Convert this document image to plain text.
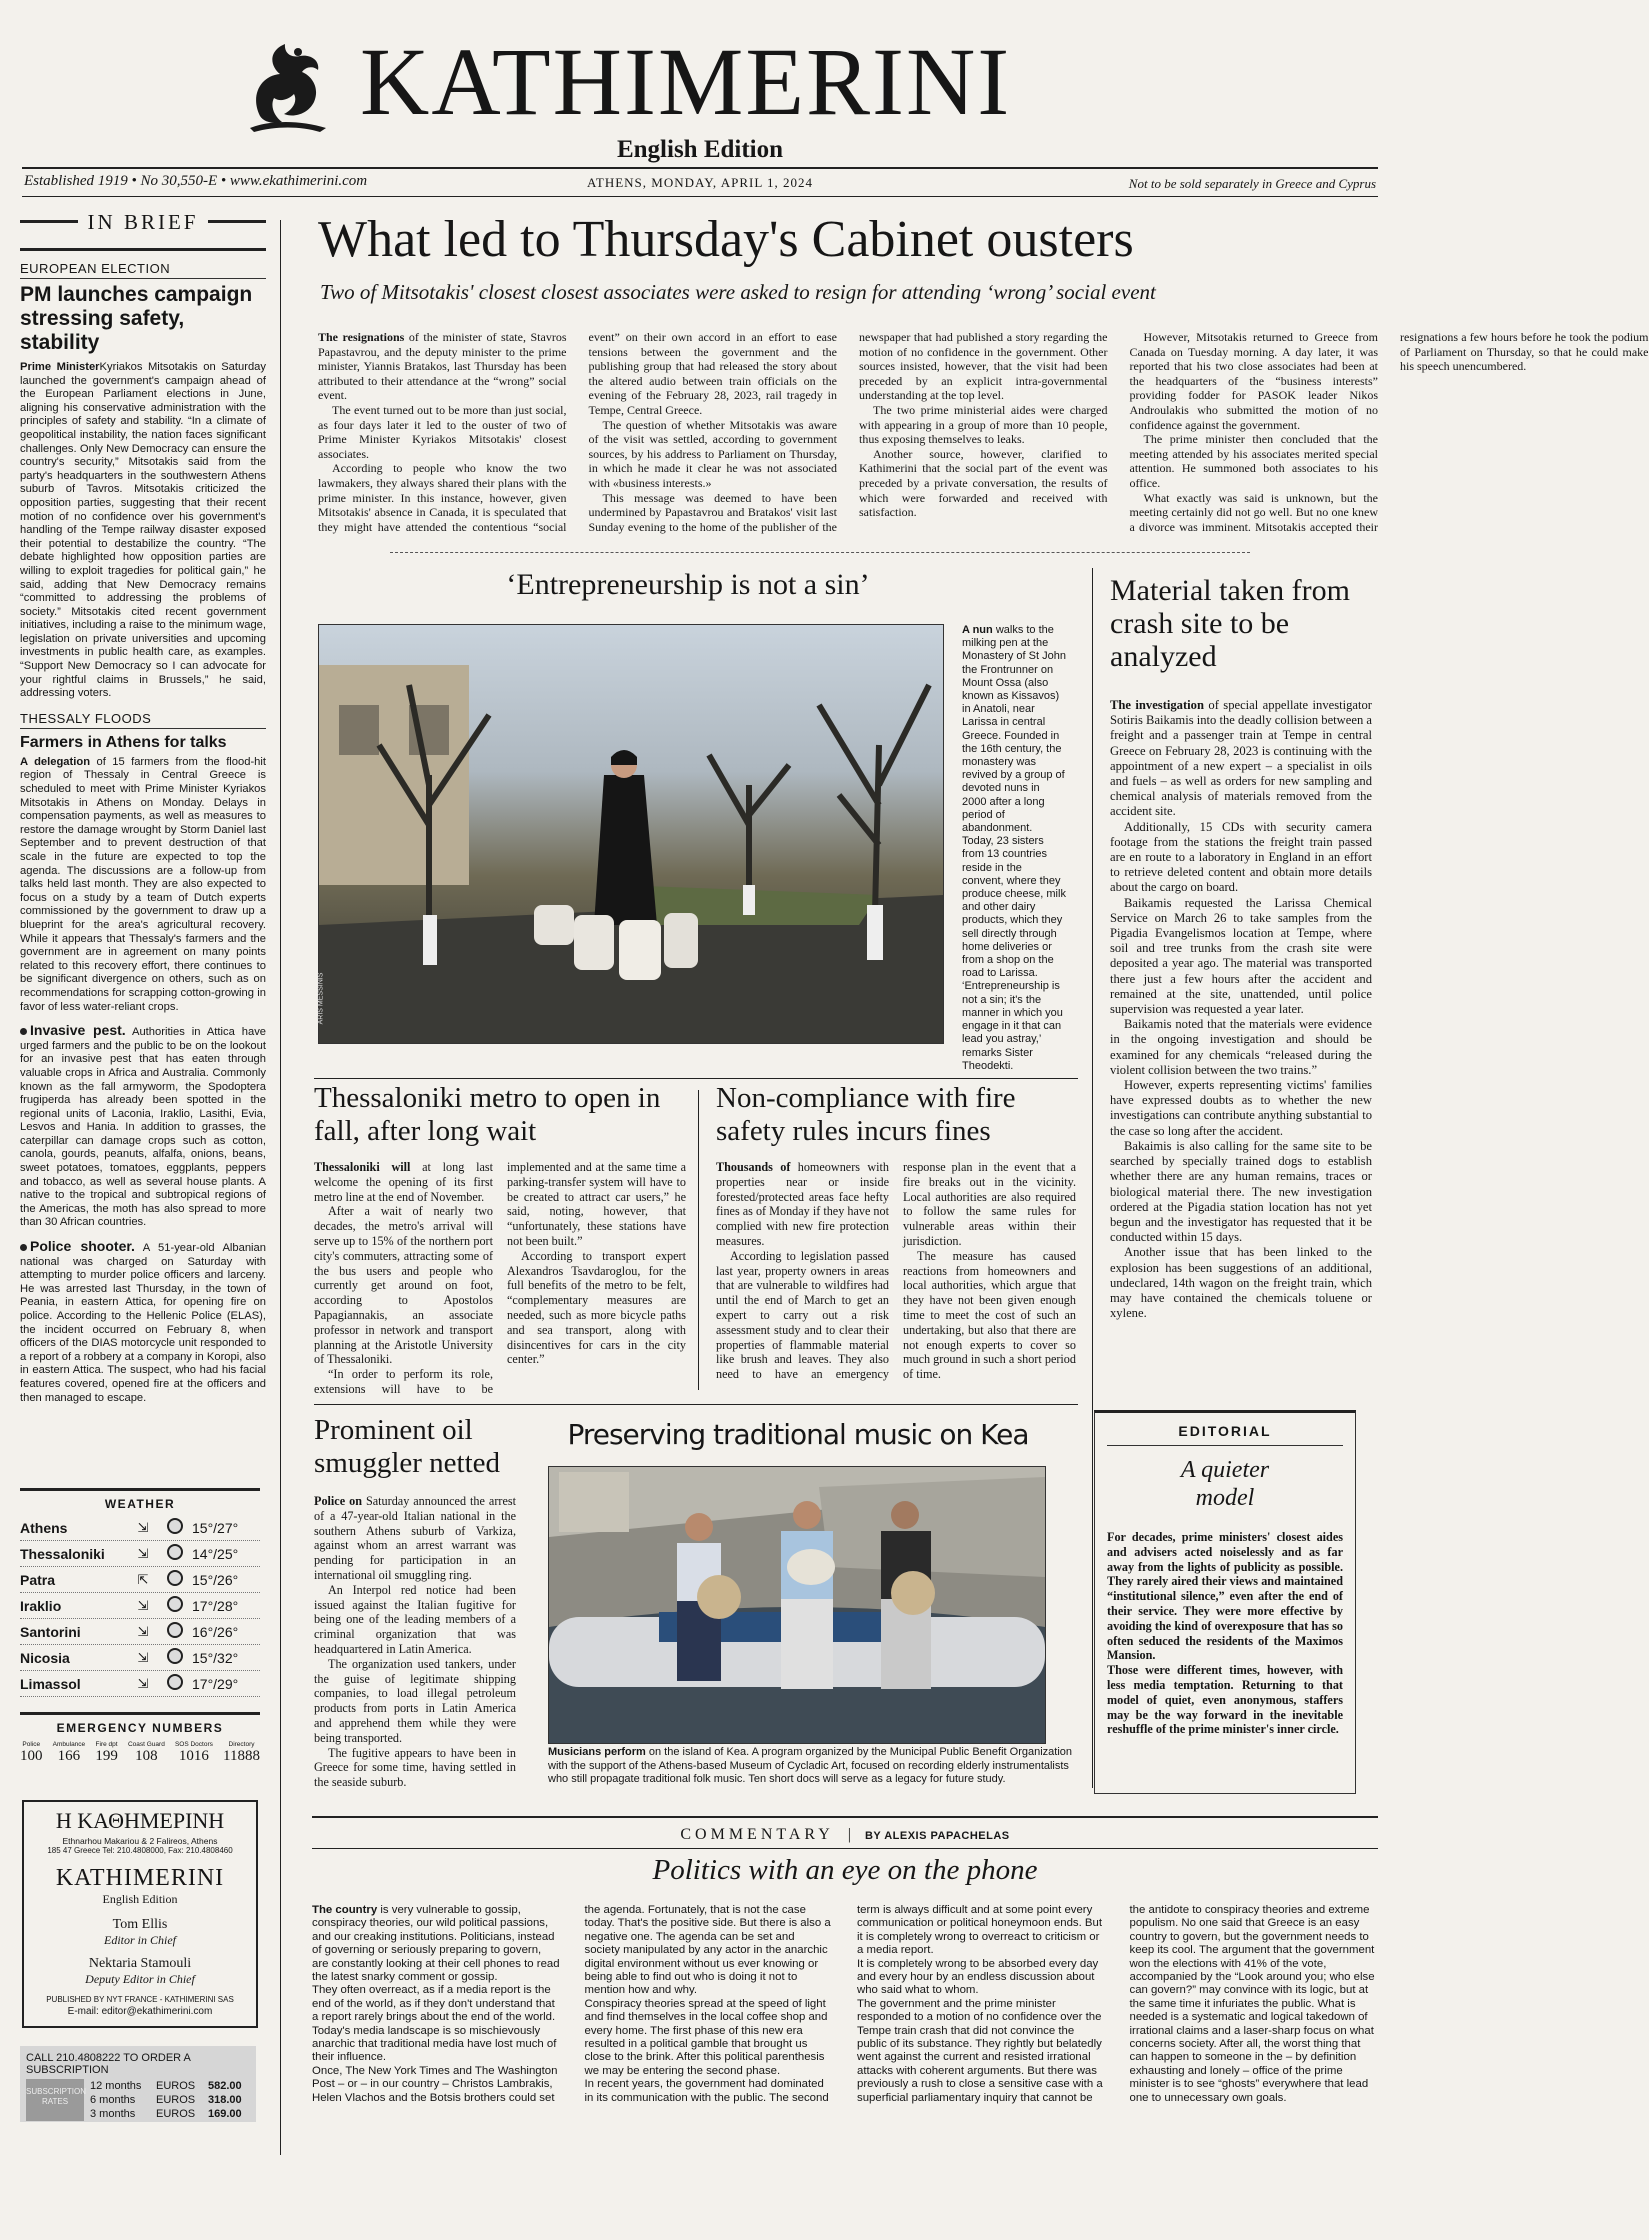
KATHIMERINI
English Edition
Established 1919 • No 30,550-E • www.ekathimerini.com	ATHENS, MONDAY, APRIL 1, 2024	Not to be sold separately in Greece and Cyprus
IN BRIEF
EUROPEAN ELECTION
PM launches campaign stressing safety, stability
Prime MinisterKyriakos Mitsotakis on Saturday launched the government's campaign ahead of the European Parliament elections in June, aligning his conservative administration with the principles of safety and stability. “In a climate of geopolitical instability, the nation faces significant challenges. Only New Democracy can ensure the country's security,” Mitsotakis said from the party's headquarters in the southwestern Athens suburb of Tavros. Mitsotakis criticized the opposition parties, suggesting that their recent motion of no confidence over his government's handling of the Tempe railway disaster exposed their potential to destabilize the country. “The debate highlighted how opposition parties are willing to exploit tragedies for political gain,” he said, adding that New Democracy remains “committed to addressing the problems of society.” Mitsotakis cited recent government initiatives, including a raise to the minimum wage, legislation on private universities and upcoming investments in public health care, as examples. “Support New Democracy so I can advocate for your rightful claims in Brussels,” he said, addressing voters.
THESSALY FLOODS
Farmers in Athens for talks
A delegation of 15 farmers from the flood-hit region of Thessaly in Central Greece is scheduled to meet with Prime Minister Kyriakos Mitsotakis in Athens on Monday. Delays in compensation payments, as well as measures to restore the damage wrought by Storm Daniel last September and to prevent destruction of that scale in the future are expected to top the agenda. The discussions are a follow-up from talks held last month. They are also expected to focus on a study by a team of Dutch experts commissioned by the government to draw up a blueprint for the area's agricultural recovery. While it appears that Thessaly's farmers and the government are in agreement on many points related to this recovery effort, there continues to be significant divergence on others, such as on recommendations for scrapping cotton-growing in favor of less water-reliant crops.
Invasive pest. Authorities in Attica have urged farmers and the public to be on the lookout for an invasive pest that has eaten through valuable crops in Africa and Australia. Commonly known as the fall armyworm, the Spodoptera frugiperda has already been spotted in the regional units of Laconia, Iraklio, Lasithi, Evia, Lesvos and Hania. In addition to grasses, the caterpillar can damage crops such as cotton, canola, gourds, peanuts, alfalfa, onions, beans, sweet potatoes, tomatoes, eggplants, peppers and tobacco, as well as several house plants. A native to the tropical and subtropical regions of the Americas, the moth has also spread to more than 30 African countries.
Police shooter. A 51-year-old Albanian national was charged on Saturday with attempting to murder police officers and larceny. He was arrested last Thursday, in the town of Peania, in eastern Attica, for opening fire on police. According to the Hellenic Police (ELAS), the incident occurred on February 8, when officers of the DIAS motorcycle unit responded to a report of a robbery at a company in Koropi, also in eastern Attica. The suspect, who had his facial features covered, opened fire at the officers and then managed to escape.
WEATHER
Athens	⇲	15°/27°
Thessaloniki	⇲	14°/25°
Patra	⇱	15°/26°
Iraklio	⇲	17°/28°
Santorini	⇲	16°/26°
Nicosia	⇲	15°/32°
Limassol	⇲	17°/29°
EMERGENCY NUMBERS
Police
100
Ambulance
166
Fire dpt
199
Coast Guard
108
SOS Doctors
1016
Directory
11888
Η ΚΑΘΗΜΕΡΙΝΗ
Ethnarhou Makariou & 2 Falireos, Athens
185 47 Greece Tel: 210.4808000, Fax: 210.4808460
KATHIMERINI
English Edition
Tom Ellis
Editor in Chief
Nektaria Stamouli
Deputy Editor in Chief
PUBLISHED BY NYT FRANCE - KATHIMERINI SAS
E-mail: editor@ekathimerini.com
CALL 210.4808222 TO ORDER A SUBSCRIPTION
SUBSCRIPTION RATES
12 months	EUROS	582.00
6 months	EUROS	318.00
3 months	EUROS	169.00
What led to Thursday's Cabinet ousters
Two of Mitsotakis' closest closest associates were asked to resign for attending ‘wrong’ social event

The resignations of the minister of state, Stavros Papastavrou, and the deputy minister to the prime minister, Yiannis Bratakos, last Thursday has been attributed to their attendance at the “wrong” social event.

The event turned out to be more than just social, as four days later it led to the ouster of two of Prime Minister Kyriakos Mitsotakis' closest associates.

According to people who know the two lawmakers, they always shared their plans with the prime minister. In this instance, however, given Mitsotakis' absence in Canada, it is speculated that they might have attended the contentious “social event” on their own accord in an effort to ease tensions between the government and the publishing group that had released the story about the altered audio between train officials on the evening of the February 28, 2023, rail tragedy in Tempe, Central Greece.

The question of whether Mitsotakis was aware of the visit was settled, according to government sources, by his address to Parliament on Thursday, in which he made it clear he was not associated with «business interests.»

This message was deemed to have been undermined by Papastavrou and Bratakos' visit last Sunday evening to the home of the publisher of the newspaper that had published a story regarding the motion of no confidence in the government. Other sources insisted, however, that the visit had been preceded by an explicit intra-governmental understanding at the top level.

The two prime ministerial aides were charged with appearing in a group of more than 10 people, thus exposing themselves to leaks.

Another source, however, clarified to Kathimerini that the social part of the event was preceded by a private conversation, the results of which were forwarded and received with satisfaction.

However, Mitsotakis returned to Greece from Canada on Tuesday morning. A day later, it was reported that his two close associates had been at the headquarters of the “business interests” providing fodder for PASOK leader Nikos Androulakis who submitted the motion of no confidence against the government.

The prime minister then concluded that the meeting attended by his associates merited special attention. He summoned both associates to his office.

What exactly was said is unknown, but the meeting certainly did not go well. But no one knew a divorce was imminent. Mitsotakis accepted their resignations a few hours before he took the podium of Parliament on Thursday, so that he could make his speech unencumbered.

‘Entrepreneurship is not a sin’
ARIS MESSINIS
A nun walks to the milking pen at the Monastery of St John the Frontrunner on Mount Ossa (also known as Kissavos) in Anatoli, near Larissa in central Greece. Founded in the 16th century, the monastery was revived by a group of devoted nuns in 2000 after a long period of abandonment. Today, 23 sisters from 13 countries reside in the convent, where they produce cheese, milk and other dairy products, which they sell directly through home deliveries or from a shop on the road to Larissa. ‘Entrepreneurship is not a sin; it's the manner in which you engage in it that can lead you astray,’ remarks Sister Theodekti.
Material taken from crash site to be analyzed

The investigation of special appellate investigator Sotiris Baikamis into the deadly collision between a freight and a passenger train at Tempe in central Greece on February 28, 2023 is continuing with the appointment of a new expert – a specialist in oils and fuels – as well as orders for new sampling and chemical analysis of materials removed from the accident site.

Additionally, 15 CDs with security camera footage from the stations the freight train passed are en route to a laboratory in England in an effort to retrieve deleted content and obtain more details about the cargo on board.

Baikamis requested the Larissa Chemical Service on March 26 to take samples from the Pigadia Evangelismos location at Tempe, where soil and tree trunks from the crash site were deposited a year ago. The material was transported there just a few hours after the accident and remained at the site, unattended, until police supervision was requested a year later.

Baikamis noted that the materials were evidence in the ongoing investigation and should be examined for any chemicals “released during the violent collision between the two trains.”

However, experts representing victims' families have expressed doubts as to whether the new investigations can contribute anything substantial to the case so long after the accident.

Bakaimis is also calling for the same site to be searched by specially trained dogs to establish whether there are any human remains, traces or biological material there. The new investigation ordered at the Pigadia station location has not yet begun and the investigator has requested that it be conducted within 15 days.

Another issue that has been linked to the explosion has been suggestions of an additional, undeclared, 14th wagon on the freight train, which may have contained the chemicals toluene or xylene.

Thessaloniki metro to open in fall, after long wait

Thessaloniki will at long last welcome the opening of its first metro line at the end of November.

After a wait of nearly two decades, the metro's arrival will serve up to 15% of the northern port city's commuters, attracting some of the bus users and people who currently get around on foot, according to Apostolos Papagiannakis, an associate professor in network and transport planning at the Aristotle University of Thessaloniki.

“In order to perform its role, extensions will have to be implemented and at the same time a parking-transfer system will have to be created to attract car users,” he said, noting, however, that “unfortunately, these stations have not been built.”

According to transport expert Alexandros Tsavdaroglou, for the full benefits of the metro to be felt, “complementary measures are needed, such as more bicycle paths and sea transport, along with disincentives for cars in the city center.”

Non-compliance with fire safety rules incurs fines

Thousands of homeowners with properties near or inside forested/protected areas face hefty fines as of Monday if they have not complied with new fire protection measures.

According to legislation passed last year, property owners in areas that are vulnerable to wildfires had until the end of March to get an expert to carry out a risk assessment study and to clear their properties of flammable material like brush and leaves. They also need to have an emergency response plan in the event that a fire breaks out in the vicinity. Local authorities are also required to follow the same rules for vulnerable areas within their jurisdiction.

The measure has caused reactions from homeowners and local authorities, which argue that they have not been given enough time to meet the cost of such an undertaking, but also that there are not enough experts to cover so much ground in such a short period of time.

Prominent oil smuggler netted

Police on Saturday announced the arrest of a 47-year-old Italian national in the southern Athens suburb of Varkiza, against whom an arrest warrant was pending for participation in an international oil smuggling ring.

An Interpol red notice had been issued against the Italian fugitive for being one of the leading members of a criminal organization that was headquartered in Latin America.

The organization used tankers, under the guise of legitimate shipping companies, to load illegal petroleum products from ports in Latin America and apprehend them while they were being transported.

The fugitive appears to have been in Greece for some time, having settled in the seaside suburb.

Preserving traditional music on Kea
Musicians perform on the island of Kea. A program organized by the Municipal Public Benefit Organization with the support of the Athens-based Museum of Cycladic Art, focused on recording elderly instrumentalists who still propagate traditional folk music. Ten short docs will serve as a legacy for future study.
EDITORIAL
A quieter model

For decades, prime ministers' closest aides and advisers acted noiselessly and as far away from the lights of publicity as possible. They rarely aired their views and maintained “institutional silence,” even after the end of their service. They were more effective by avoiding the kind of overexposure that has so often seduced the residents of the Maximos Mansion.

Those were different times, however, with less media temptation. Returning to that model of quiet, even anonymous, staffers may be the way forward in the inevitable reshuffle of the prime minister's inner circle.

COMMENTARY | BY ALEXIS PAPACHELAS
Politics with an eye on the phone

The country is very vulnerable to gossip, conspiracy theories, our wild political passions, and our creaking institutions. Politicians, instead of governing or seriously preparing to govern, are constantly looking at their cell phones to read the latest snarky comment or gossip.

They often overreact, as if a media report is the end of the world, as if they don't understand that a report rarely brings about the end of the world. Today's media landscape is so mischievously anarchic that traditional media have lost much of their influence.

Once, The New York Times and The Washington Post – or – in our country – Christos Lambrakis, Helen Vlachos and the Botsis brothers could set the agenda. Fortunately, that is not the case today. That's the positive side. But there is also a negative one. The agenda can be set and society manipulated by any actor in the anarchic digital environment without us ever knowing or being able to find out who is doing it not to mention how and why.

Conspiracy theories spread at the speed of light and find themselves in the local coffee shop and every home. The first phase of this new era resulted in a political gamble that brought us close to the brink. After this political parenthesis we may be entering the second phase.

In recent years, the government had dominated in its communication with the public. The second term is always difficult and at some point every communication or political honeymoon ends. But it is completely wrong to overreact to criticism or a media report.

It is completely wrong to be absorbed every day and every hour by an endless discussion about who said what to whom.

The government and the prime minister responded to a motion of no confidence over the Tempe train crash that did not convince the public of its substance. They rightly but belatedly went against the current and resisted irrational attacks with coherent arguments. But there was previously a rush to close a sensitive case with a superficial parliamentary inquiry that cannot be the antidote to conspiracy theories and extreme populism. No one said that Greece is an easy country to govern, but the government needs to keep its cool. The argument that the government won the elections with 41% of the vote, accompanied by the “Look around you; who else can govern?” may convince with its logic, but at the same time it infuriates the public. What is needed is a systematic and logical takedown of irrational claims and a laser-sharp focus on what concerns society. After all, the worst thing that can happen to someone in the – by definition exhausting and lonely – office of the prime minister is to see “ghosts” everywhere that lead one to unnecessary own goals.
